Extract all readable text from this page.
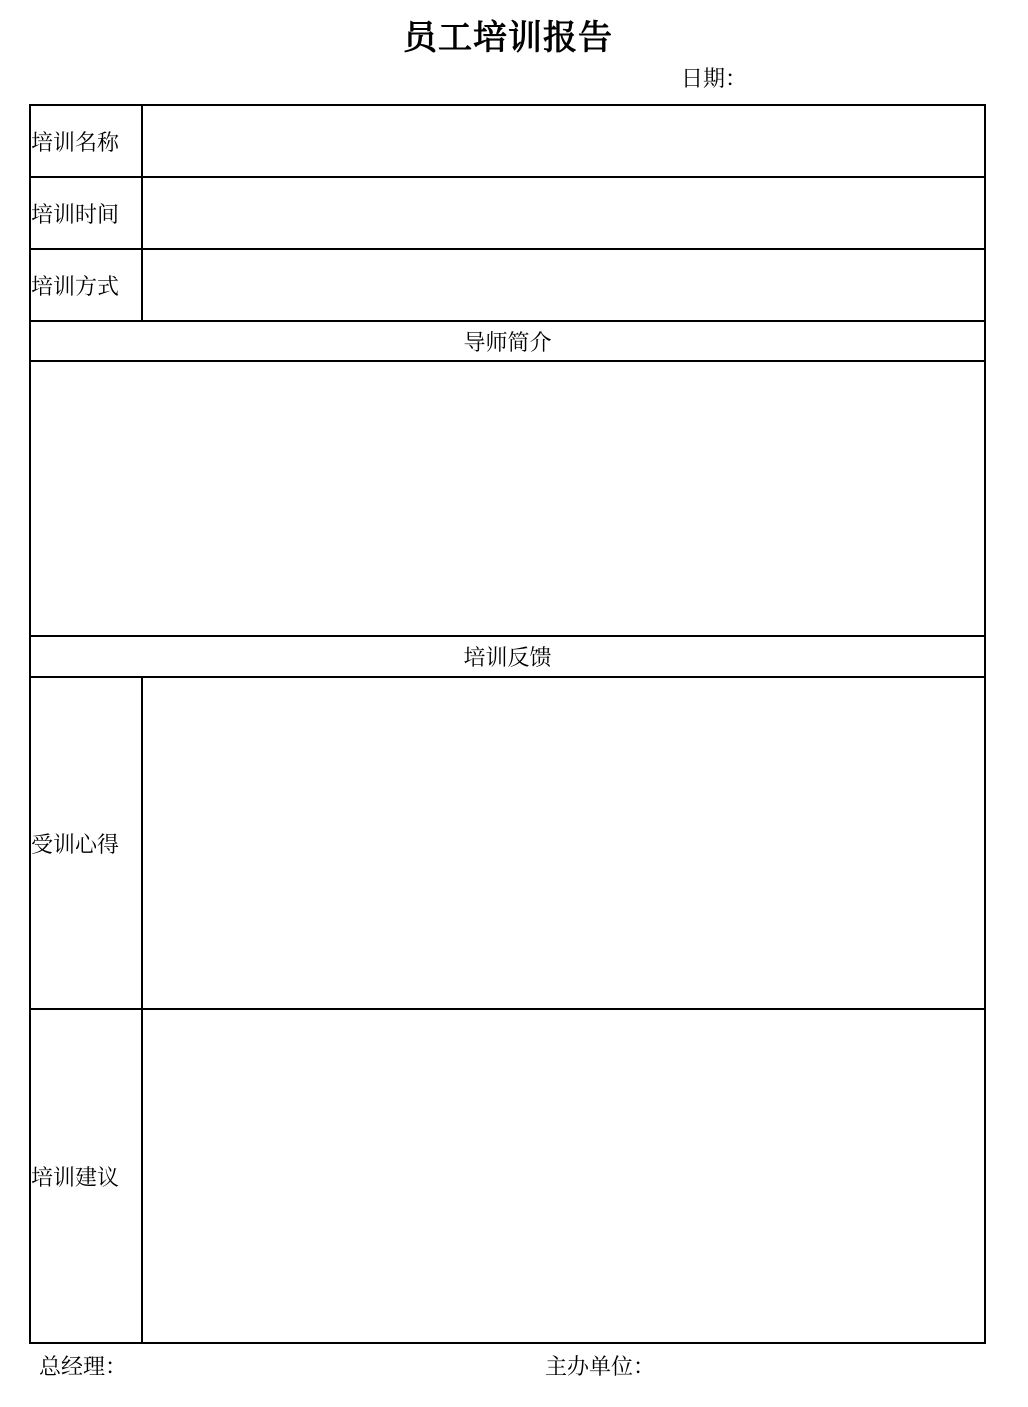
员工培训报告
日期：
培训名称	
培训时间	
培训方式	
导师简介	

培训反馈	
受训心得	
培训建议	
总经理：	主办单位：
